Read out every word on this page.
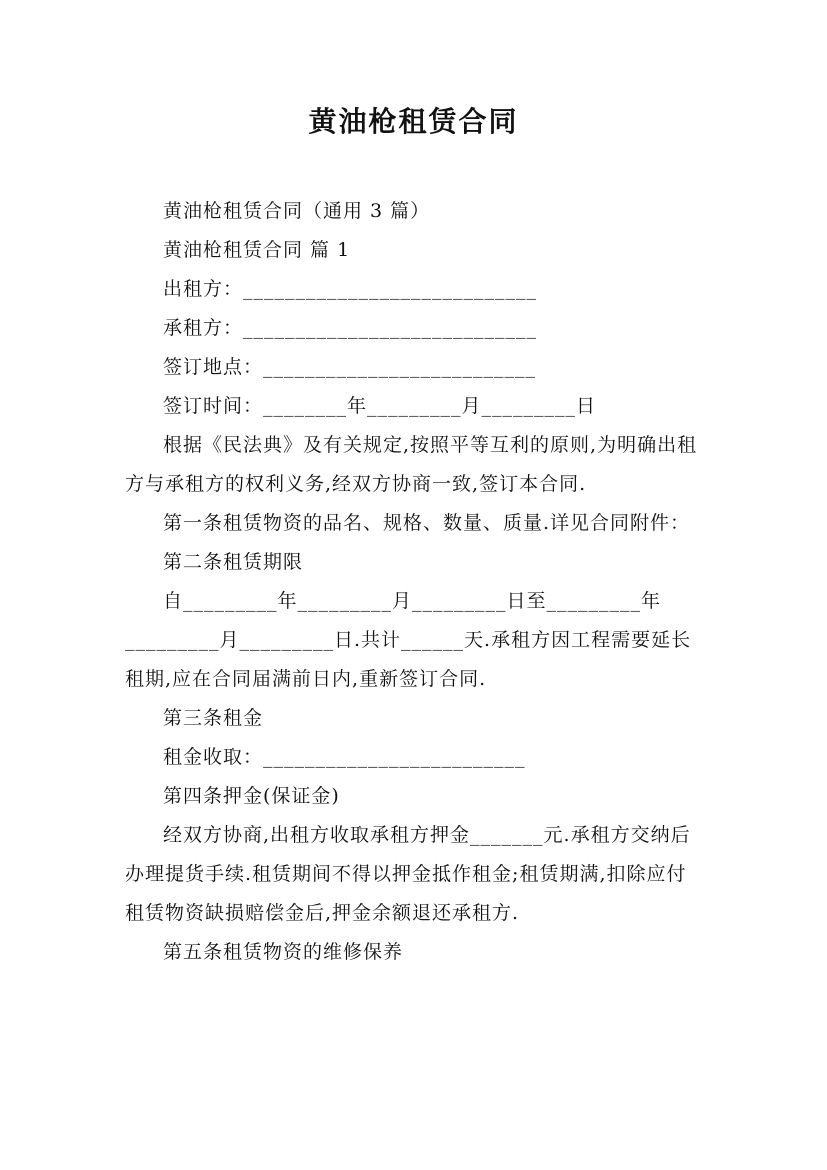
黄油枪租赁合同

黄油枪租赁合同（通用 3 篇）

黄油枪租赁合同 篇 1

出租方：____________________________

承租方：____________________________

签订地点：__________________________

签订时间：________年_________月_________日

根据《民法典》及有关规定,按照平等互利的原则,为明确出租方与承租方的权利义务,经双方协商一致,签订本合同.

第一条租赁物资的品名、规格、数量、质量.详见合同附件：

第二条租赁期限

自_________年_________月_________日至_________年_________月_________日.共计______天.承租方因工程需要延长租期,应在合同届满前日内,重新签订合同.

第三条租金

租金收取：_________________________

第四条押金(保证金)

经双方协商,出租方收取承租方押金_______元.承租方交纳后办理提货手续.租赁期间不得以押金抵作租金;租赁期满,扣除应付租赁物资缺损赔偿金后,押金余额退还承租方.

第五条租赁物资的维修保养
